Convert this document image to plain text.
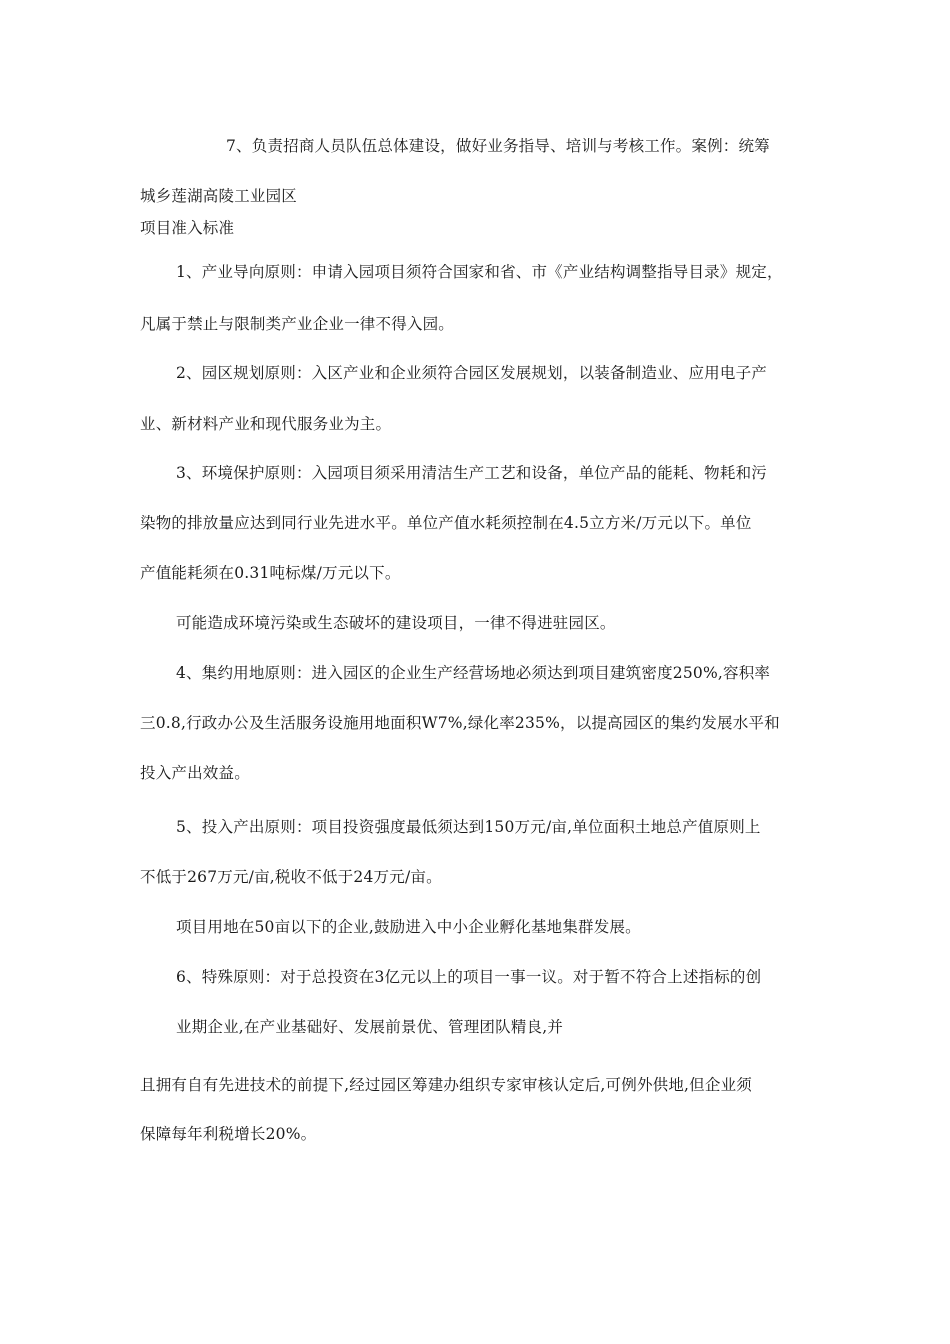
7、负责招商人员队伍总体建设，做好业务指导、培训与考核工作。案例：统筹
城乡莲湖高陵工业园区
项目准入标准
1、产业导向原则：申请入园项目须符合国家和省、市《产业结构调整指导目录》规定，
凡属于禁止与限制类产业企业一律不得入园。
2、园区规划原则：入区产业和企业须符合园区发展规划，以装备制造业、应用电子产
业、新材料产业和现代服务业为主。
3、环境保护原则：入园项目须采用清洁生产工艺和设备，单位产品的能耗、物耗和污
染物的排放量应达到同行业先进水平。单位产值水耗须控制在4.5立方米/万元以下。单位
产值能耗须在0.31吨标煤/万元以下。
可能造成环境污染或生态破坏的建设项目，一律不得进驻园区。
4、集约用地原则：进入园区的企业生产经营场地必须达到项目建筑密度250%,容积率
三0.8,行政办公及生活服务设施用地面积W7%,绿化率235%，以提高园区的集约发展水平和
投入产出效益。
5、投入产出原则：项目投资强度最低须达到150万元/亩,单位面积土地总产值原则上
不低于267万元/亩,税收不低于24万元/亩。
项目用地在50亩以下的企业,鼓励进入中小企业孵化基地集群发展。
6、特殊原则：对于总投资在3亿元以上的项目一事一议。对于暂不符合上述指标的创
业期企业,在产业基础好、发展前景优、管理团队精良,并
且拥有自有先进技术的前提下,经过园区筹建办组织专家审核认定后,可例外供地,但企业须
保障每年利税增长20%。
